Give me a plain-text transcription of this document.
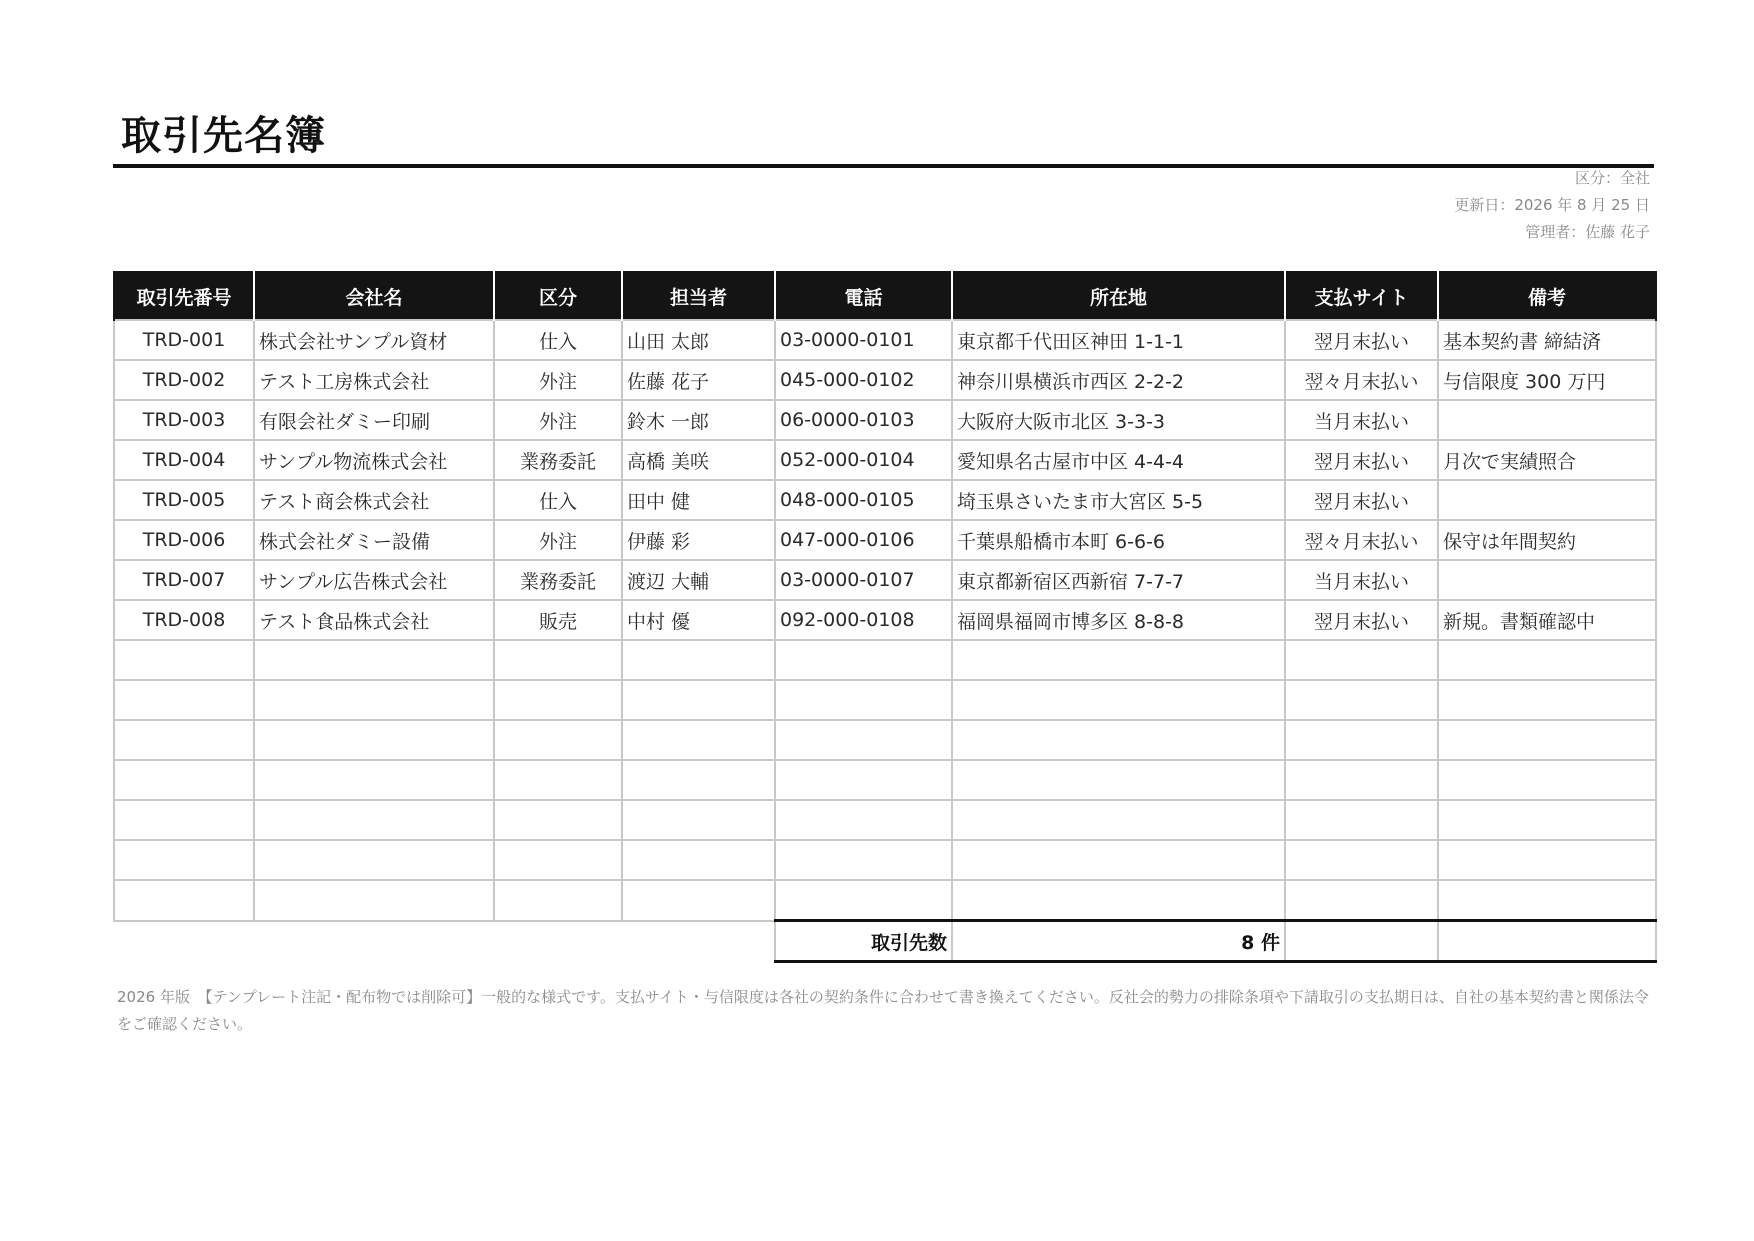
取引先名簿
区分：全社
更新日：2026 年 8 月 25 日
管理者：佐藤 花子
取引先番号	会社名	区分	担当者	電話	所在地	支払サイト	備考
TRD-001	株式会社サンプル資材	仕入	山田 太郎	03-0000-0101	東京都千代田区神田 1-1-1	翌月末払い	基本契約書 締結済
TRD-002	テスト工房株式会社	外注	佐藤 花子	045-000-0102	神奈川県横浜市西区 2-2-2	翌々月末払い	与信限度 300 万円
TRD-003	有限会社ダミー印刷	外注	鈴木 一郎	06-0000-0103	大阪府大阪市北区 3-3-3	当月末払い	
TRD-004	サンプル物流株式会社	業務委託	高橋 美咲	052-000-0104	愛知県名古屋市中区 4-4-4	翌月末払い	月次で実績照合
TRD-005	テスト商会株式会社	仕入	田中 健	048-000-0105	埼玉県さいたま市大宮区 5-5	翌月末払い	
TRD-006	株式会社ダミー設備	外注	伊藤 彩	047-000-0106	千葉県船橋市本町 6-6-6	翌々月末払い	保守は年間契約
TRD-007	サンプル広告株式会社	業務委託	渡辺 大輔	03-0000-0107	東京都新宿区西新宿 7-7-7	当月末払い	
TRD-008	テスト食品株式会社	販売	中村 優	092-000-0108	福岡県福岡市博多区 8-8-8	翌月末払い	新規。書類確認中

				取引先数	8 件		
2026 年版　【テンプレート注記・配布物では削除可】一般的な様式です。支払サイト・与信限度は各社の契約条件に合わせて書き換えてください。反社会的勢力の排除条項や下請取引の支払期日は、自社の基本契約書と関係法令をご確認ください。
